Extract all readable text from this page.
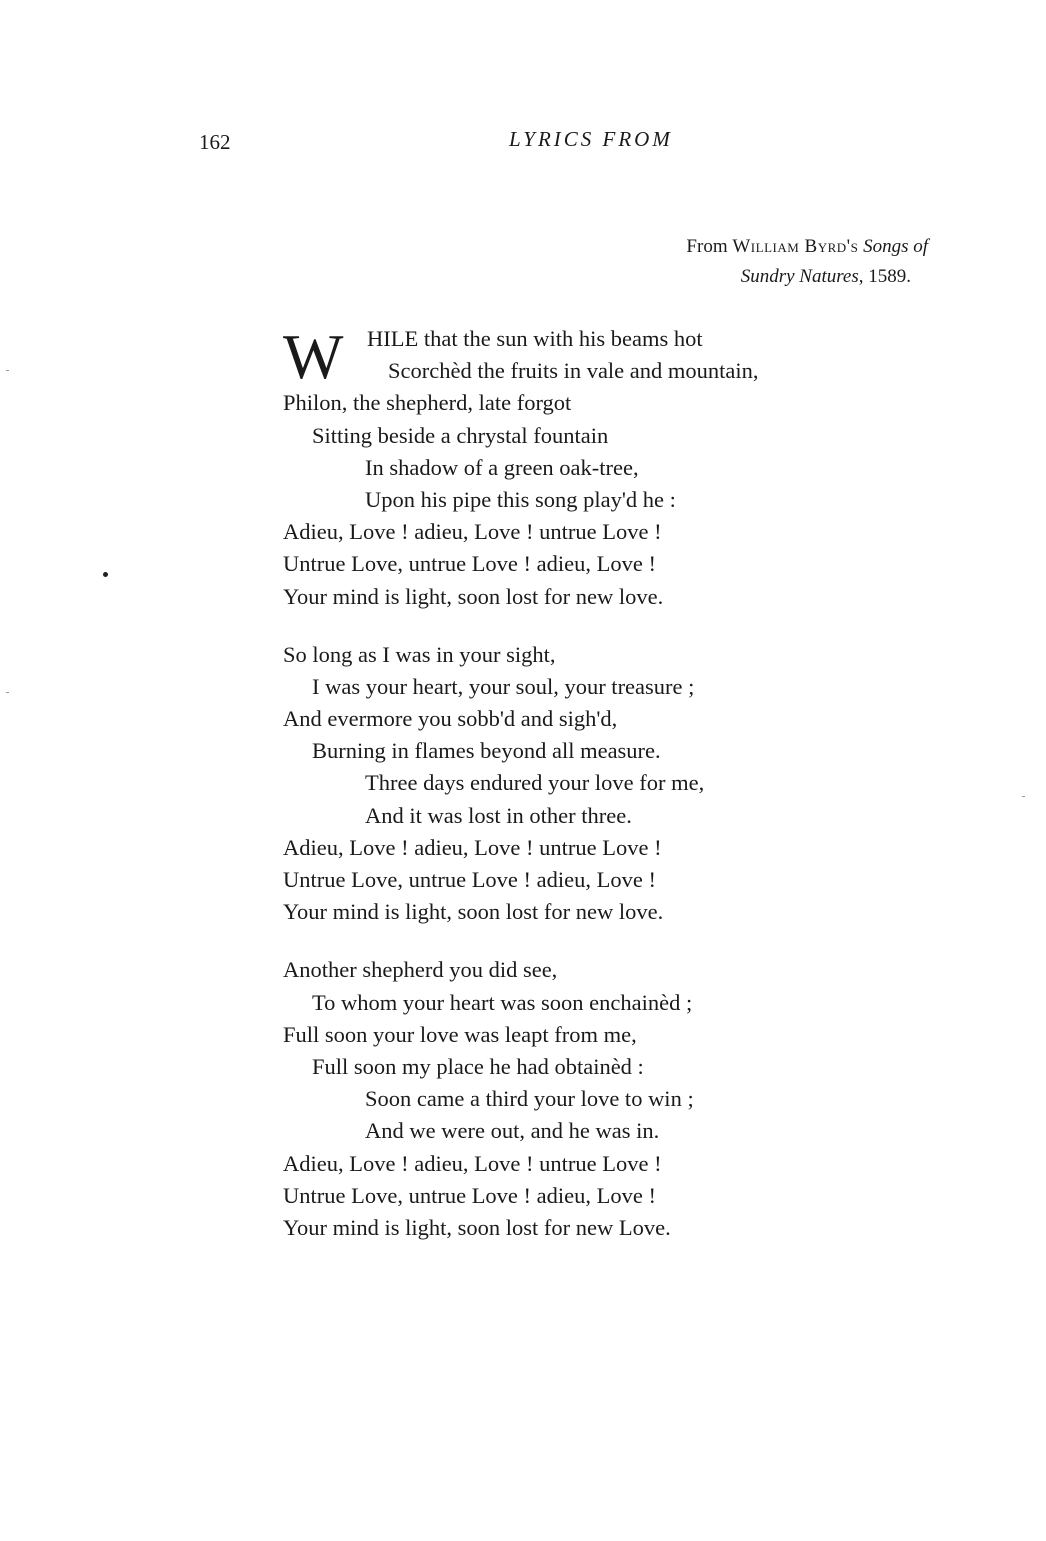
162	LYRICS FROM
From William Byrd's Songs of
Sundry Natures, 1589.
W HILE that the sun with his beams hot
Scorchèd the fruits in vale and mountain,
Philon, the shepherd, late forgot
Sitting beside a chrystal fountain
In shadow of a green oak-tree,
Upon his pipe this song play'd he :
Adieu, Love ! adieu, Love ! untrue Love !
Untrue Love, untrue Love ! adieu, Love !
Your mind is light, soon lost for new love.
So long as I was in your sight,
I was your heart, your soul, your treasure ;
And evermore you sobb'd and sigh'd,
Burning in flames beyond all measure.
Three days endured your love for me,
And it was lost in other three.
Adieu, Love ! adieu, Love ! untrue Love !
Untrue Love, untrue Love ! adieu, Love !
Your mind is light, soon lost for new love.
Another shepherd you did see,
To whom your heart was soon enchainèd ;
Full soon your love was leapt from me,
Full soon my place he had obtainèd :
Soon came a third your love to win ;
And we were out, and he was in.
Adieu, Love ! adieu, Love ! untrue Love !
Untrue Love, untrue Love ! adieu, Love !
Your mind is light, soon lost for new Love.
